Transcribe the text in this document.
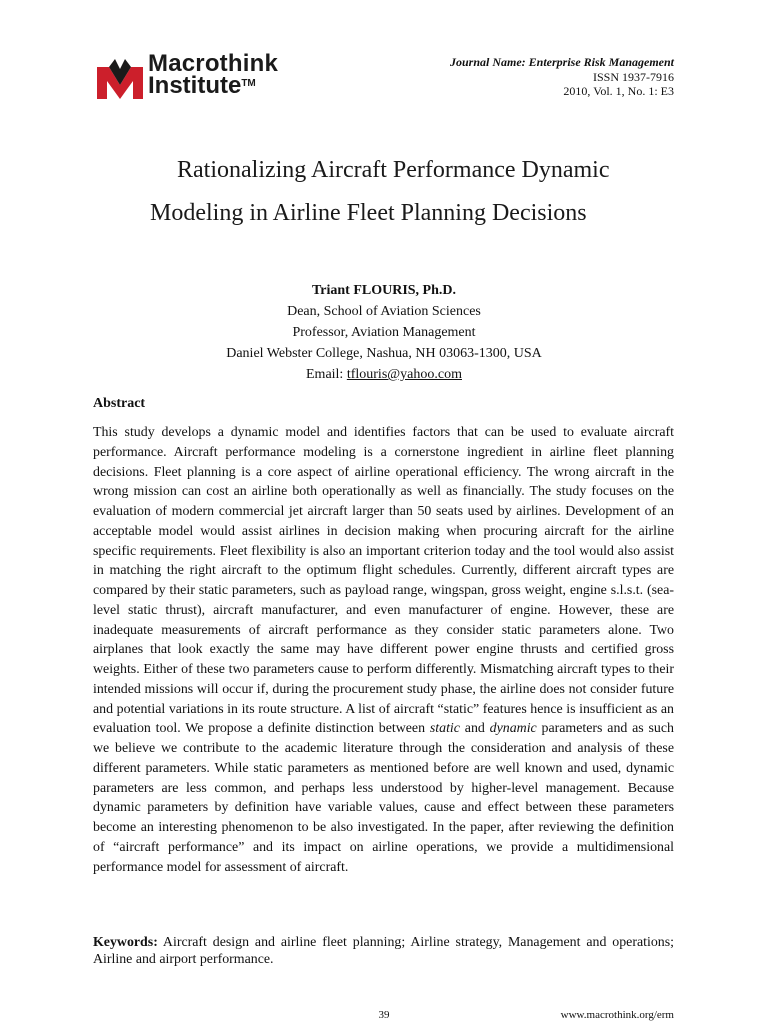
Macrothink
Institute™
Journal Name: Enterprise Risk Management
ISSN 1937-7916
2010, Vol. 1, No. 1: E3
Rationalizing Aircraft Performance Dynamic
Modeling in Airline Fleet Planning Decisions
Triant FLOURIS, Ph.D.
Dean, School of Aviation Sciences
Professor, Aviation Management
Daniel Webster College, Nashua, NH 03063-1300, USA
Email: tflouris@yahoo.com
Abstract
This study develops a dynamic model and identifies factors that can be used to evaluate aircraft performance. Aircraft performance modeling is a cornerstone ingredient in airline fleet planning decisions. Fleet planning is a core aspect of airline operational efficiency. The wrong aircraft in the wrong mission can cost an airline both operationally as well as financially. The study focuses on the evaluation of modern commercial jet aircraft larger than 50 seats used by airlines. Development of an acceptable model would assist airlines in decision making when procuring aircraft for the airline specific requirements. Fleet flexibility is also an important criterion today and the tool would also assist in matching the right aircraft to the optimum flight schedules. Currently, different aircraft types are compared by their static parameters, such as payload range, wingspan, gross weight, engine s.l.s.t. (sea-level static thrust), aircraft manufacturer, and even manufacturer of engine. However, these are inadequate measurements of aircraft performance as they consider static parameters alone. Two airplanes that look exactly the same may have different power engine thrusts and certified gross weights. Either of these two parameters cause to perform differently. Mismatching aircraft types to their intended missions will occur if, during the procurement study phase, the airline does not consider future and potential variations in its route structure. A list of aircraft “static” features hence is insufficient as an evaluation tool. We propose a definite distinction between static and dynamic parameters and as such we believe we contribute to the academic literature through the consideration and analysis of these different parameters. While static parameters as mentioned before are well known and used, dynamic parameters are less common, and perhaps less understood by higher-level management. Because dynamic parameters by definition have variable values, cause and effect between these parameters become an interesting phenomenon to be also investigated. In the paper, after reviewing the definition of “aircraft performance” and its impact on airline operations, we provide a multidimensional performance model for assessment of aircraft.
Keywords: Aircraft design and airline fleet planning; Airline strategy, Management and operations; Airline and airport performance.
39	www.macrothink.org/erm
